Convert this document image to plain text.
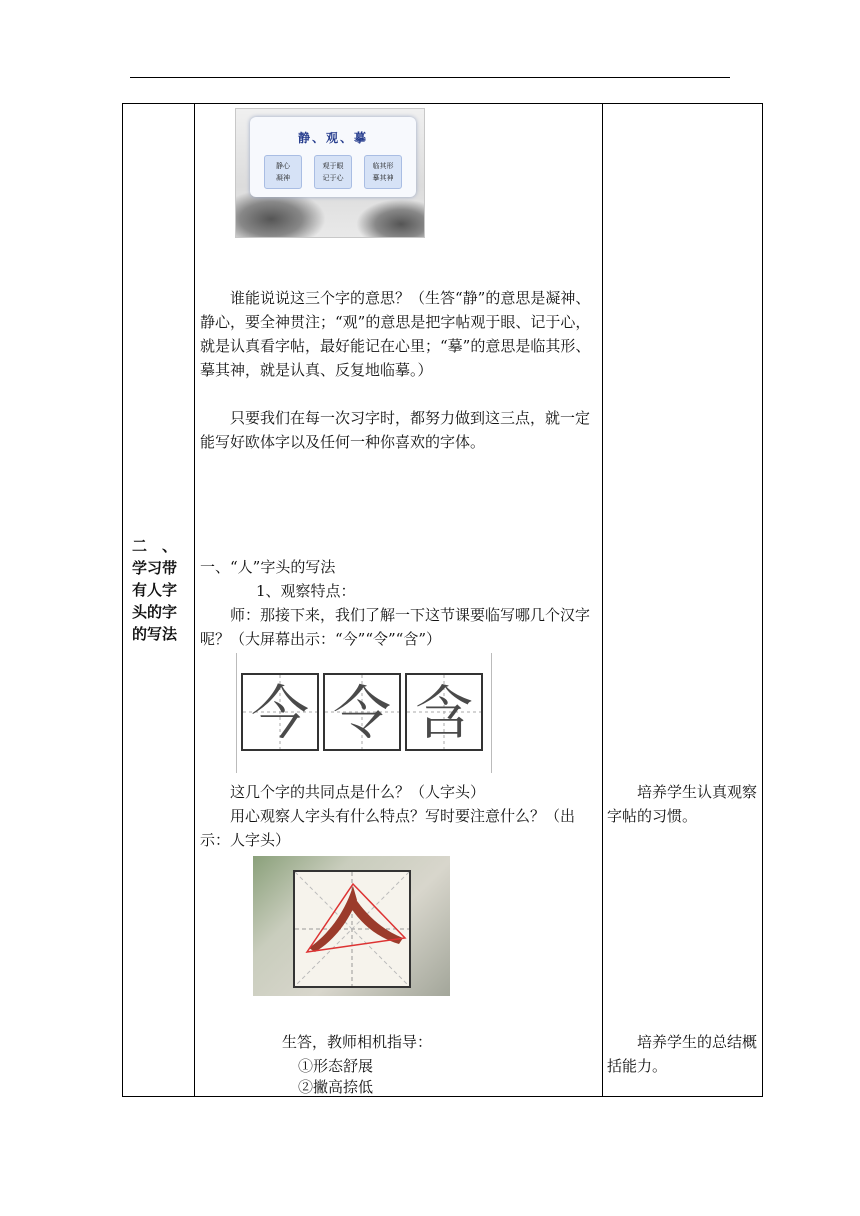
二　、
学习带
有人字
头的字
的写法
静、观、摹
静心
凝神
观于眼
记于心
临其形
摹其神
谁能说说这三个字的意思？（生答“静”的意思是凝神、静心，要全神贯注；“观”的意思是把字帖观于眼、记于心，就是认真看字帖，最好能记在心里；“摹”的意思是临其形、摹其神，就是认真、反复地临摹。）
只要我们在每一次习字时，都努力做到这三点，就一定能写好欧体字以及任何一种你喜欢的字体。
一、“人”字头的写法
1、观察特点：
师：那接下来，我们了解一下这节课要临写哪几个汉字呢？（大屏幕出示：“今”“令”“含”）
今 令 含
这几个字的共同点是什么？（人字头）
用心观察人字头有什么特点？写时要注意什么？（出示：人字头）
培养学生认真观察字帖的习惯。
生答，教师相机指导：
①形态舒展
②撇高捺低
培养学生的总结概括能力。
